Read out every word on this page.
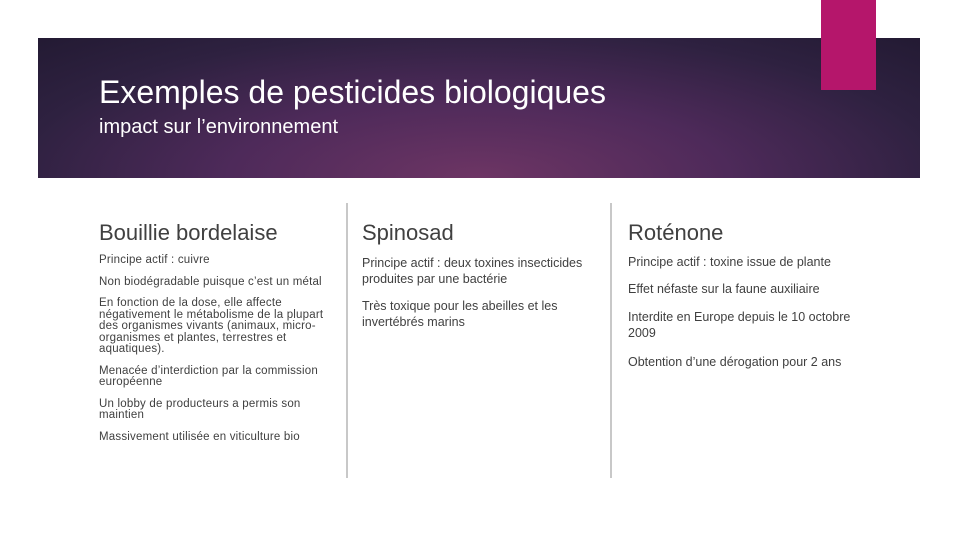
Exemples de pesticides biologiques
impact sur l’environnement
Bouillie bordelaise
Principe actif : cuivre
Non biodégradable puisque c’est un métal
En fonction de la dose, elle affecte négativement le métabolisme de la plupart des organismes vivants (animaux, micro-organismes et plantes, terrestres et aquatiques).
Menacée d’interdiction par la commission européenne
Un lobby de producteurs a permis son maintien
Massivement utilisée en viticulture bio
Spinosad
Principe actif : deux toxines insecticides produites par une bactérie
Très toxique pour les abeilles et les invertébrés marins
Roténone
Principe actif : toxine issue de plante
Effet néfaste sur la faune auxiliaire
Interdite en Europe depuis le 10 octobre 2009
Obtention d’une dérogation pour 2 ans
